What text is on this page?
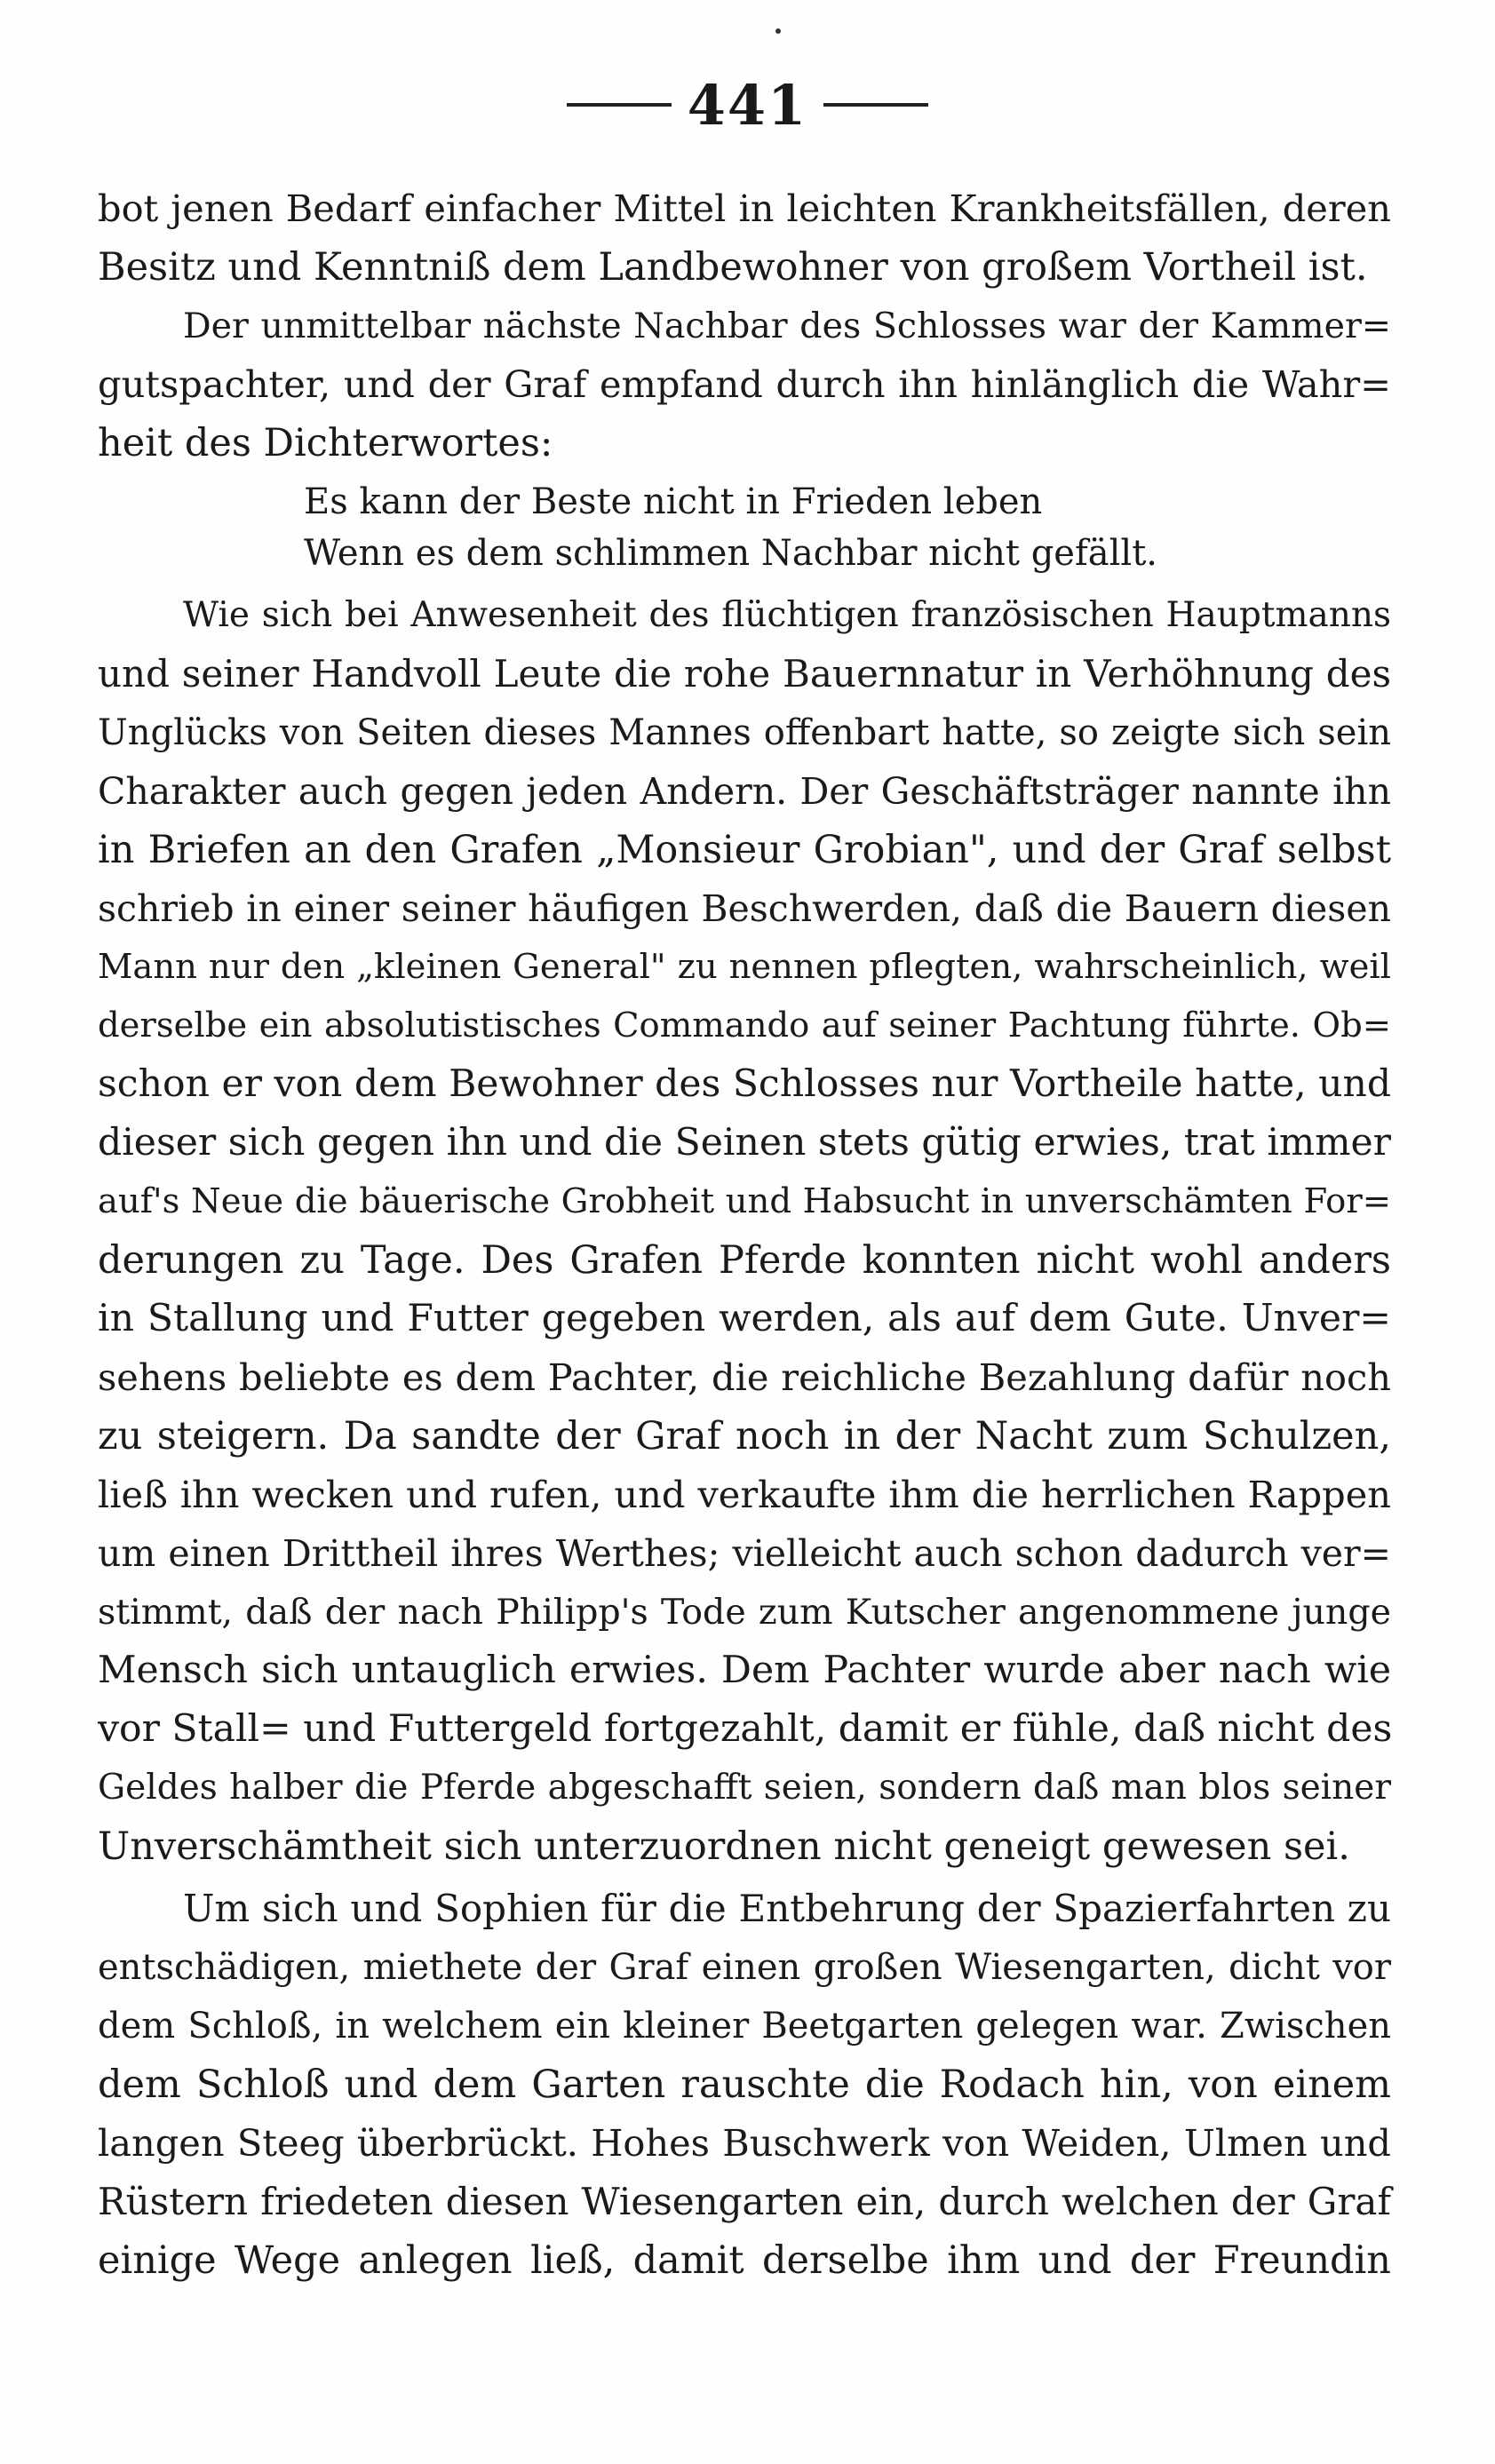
441
bot jenen Bedarf einfacher Mittel in leichten Krankheitsfällen, deren
Besitz und Kenntniß dem Landbewohner von großem Vortheil ist.
Der unmittelbar nächste Nachbar des Schlosses war der Kammer=
gutspachter, und der Graf empfand durch ihn hinlänglich die Wahr=
heit des Dichterwortes:
Es kann der Beste nicht in Frieden leben
Wenn es dem schlimmen Nachbar nicht gefällt.
Wie sich bei Anwesenheit des flüchtigen französischen Hauptmanns
und seiner Handvoll Leute die rohe Bauernnatur in Verhöhnung des
Unglücks von Seiten dieses Mannes offenbart hatte, so zeigte sich sein
Charakter auch gegen jeden Andern. Der Geschäftsträger nannte ihn
in Briefen an den Grafen „Monsieur Grobian", und der Graf selbst
schrieb in einer seiner häufigen Beschwerden, daß die Bauern diesen
Mann nur den „kleinen General" zu nennen pflegten, wahrscheinlich, weil
derselbe ein absolutistisches Commando auf seiner Pachtung führte. Ob=
schon er von dem Bewohner des Schlosses nur Vortheile hatte, und
dieser sich gegen ihn und die Seinen stets gütig erwies, trat immer
auf's Neue die bäuerische Grobheit und Habsucht in unverschämten For=
derungen zu Tage. Des Grafen Pferde konnten nicht wohl anders
in Stallung und Futter gegeben werden, als auf dem Gute. Unver=
sehens beliebte es dem Pachter, die reichliche Bezahlung dafür noch
zu steigern. Da sandte der Graf noch in der Nacht zum Schulzen,
ließ ihn wecken und rufen, und verkaufte ihm die herrlichen Rappen
um einen Drittheil ihres Werthes; vielleicht auch schon dadurch ver=
stimmt, daß der nach Philipp's Tode zum Kutscher angenommene junge
Mensch sich untauglich erwies. Dem Pachter wurde aber nach wie
vor Stall= und Futtergeld fortgezahlt, damit er fühle, daß nicht des
Geldes halber die Pferde abgeschafft seien, sondern daß man blos seiner
Unverschämtheit sich unterzuordnen nicht geneigt gewesen sei.
Um sich und Sophien für die Entbehrung der Spazierfahrten zu
entschädigen, miethete der Graf einen großen Wiesengarten, dicht vor
dem Schloß, in welchem ein kleiner Beetgarten gelegen war. Zwischen
dem Schloß und dem Garten rauschte die Rodach hin, von einem
langen Steeg überbrückt. Hohes Buschwerk von Weiden, Ulmen und
Rüstern friedeten diesen Wiesengarten ein, durch welchen der Graf
einige Wege anlegen ließ, damit derselbe ihm und der Freundin
